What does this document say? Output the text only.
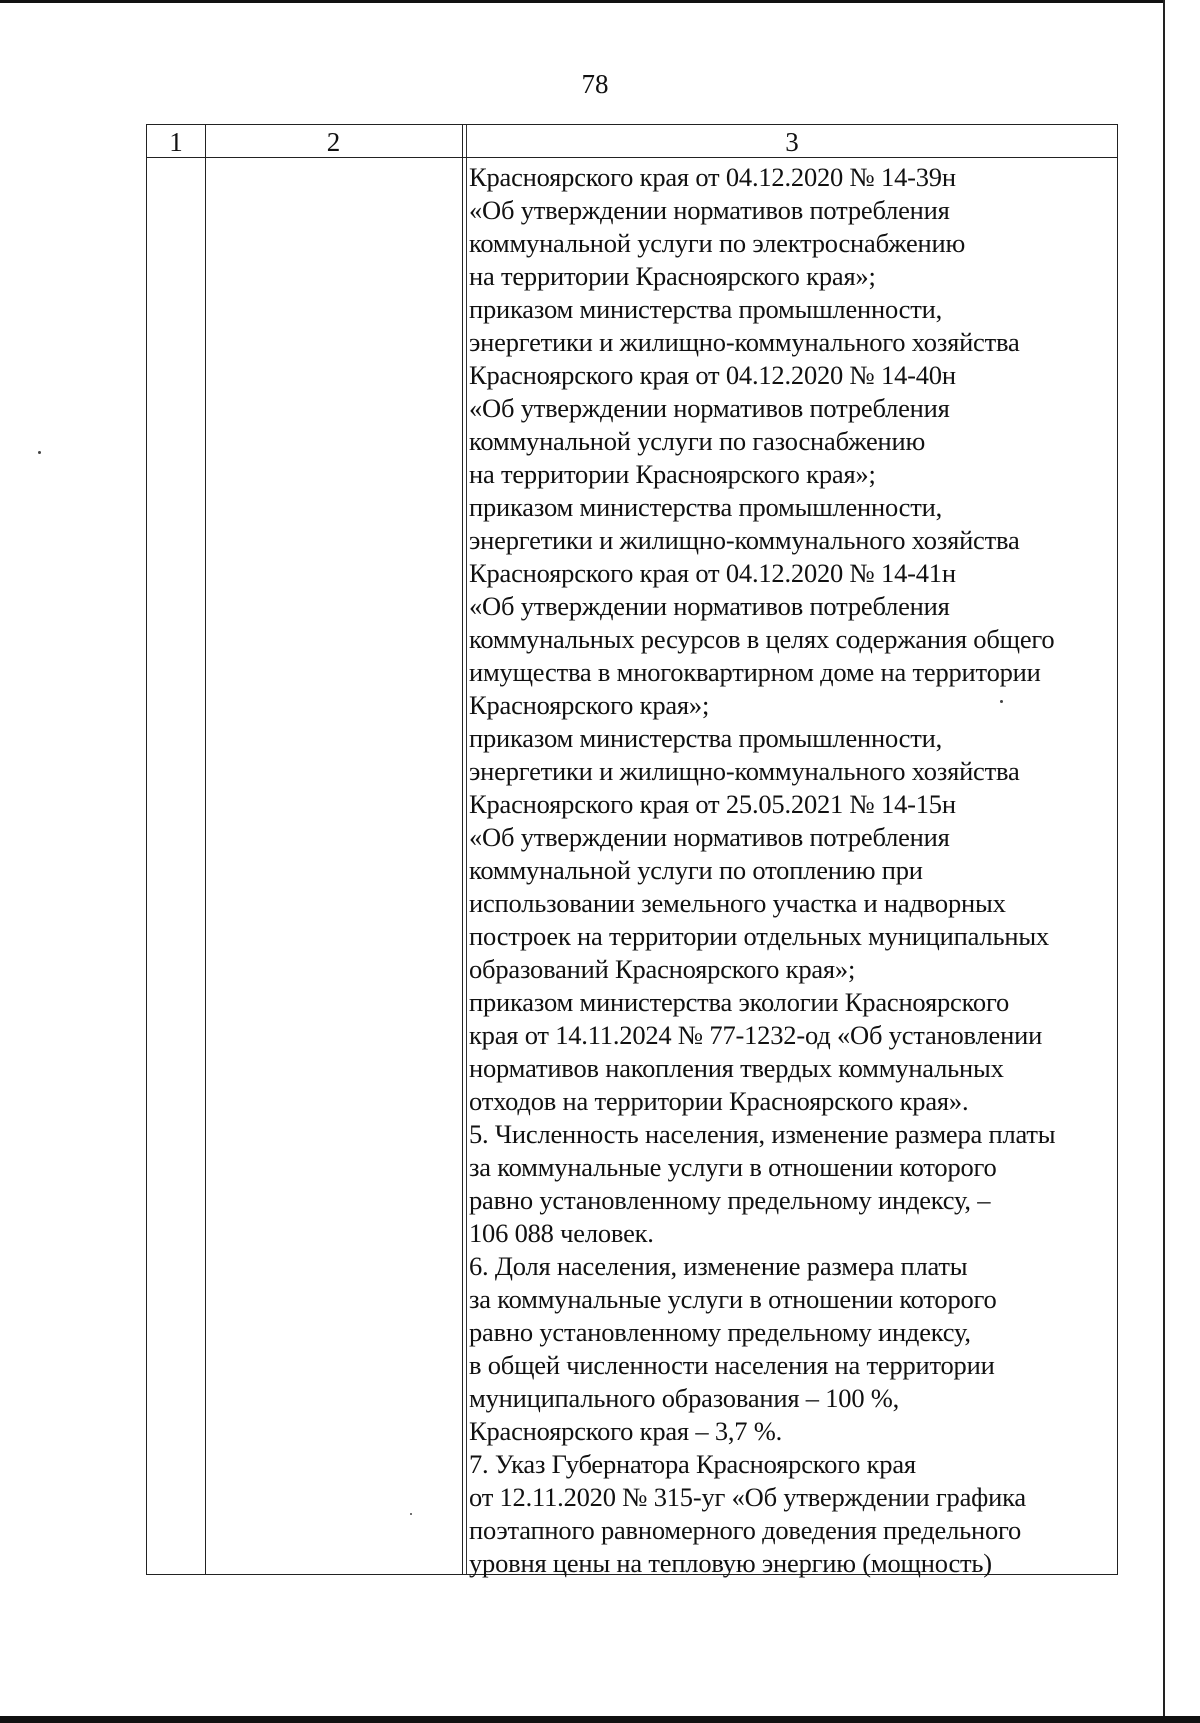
78
1	2	3
Красноярского края от 04.12.2020 № 14-39н
«Об утверждении нормативов потребления
коммунальной услуги по электроснабжению
на территории Красноярского края»;
приказом министерства промышленности,
энергетики и жилищно-коммунального хозяйства
Красноярского края от 04.12.2020 № 14-40н
«Об утверждении нормативов потребления
коммунальной услуги по газоснабжению
на территории Красноярского края»;
приказом министерства промышленности,
энергетики и жилищно-коммунального хозяйства
Красноярского края от 04.12.2020 № 14-41н
«Об утверждении нормативов потребления
коммунальных ресурсов в целях содержания общего
имущества в многоквартирном доме на территории
Красноярского края»;
приказом министерства промышленности,
энергетики и жилищно-коммунального хозяйства
Красноярского края от 25.05.2021 № 14-15н
«Об утверждении нормативов потребления
коммунальной услуги по отоплению при
использовании земельного участка и надворных
построек на территории отдельных муниципальных
образований Красноярского края»;
приказом министерства экологии Красноярского
края от 14.11.2024 № 77-1232-од «Об установлении
нормативов накопления твердых коммунальных
отходов на территории Красноярского края».
5. Численность населения, изменение размера платы
за коммунальные услуги в отношении которого
равно установленному предельному индексу, –
106 088 человек.
6. Доля населения, изменение размера платы
за коммунальные услуги в отношении которого
равно установленному предельному индексу,
в общей численности населения на территории
муниципального образования – 100 %,
Красноярского края – 3,7 %.
7. Указ Губернатора Красноярского края
от 12.11.2020 № 315-уг «Об утверждении графика
поэтапного равномерного доведения предельного
уровня цены на тепловую энергию (мощность)
